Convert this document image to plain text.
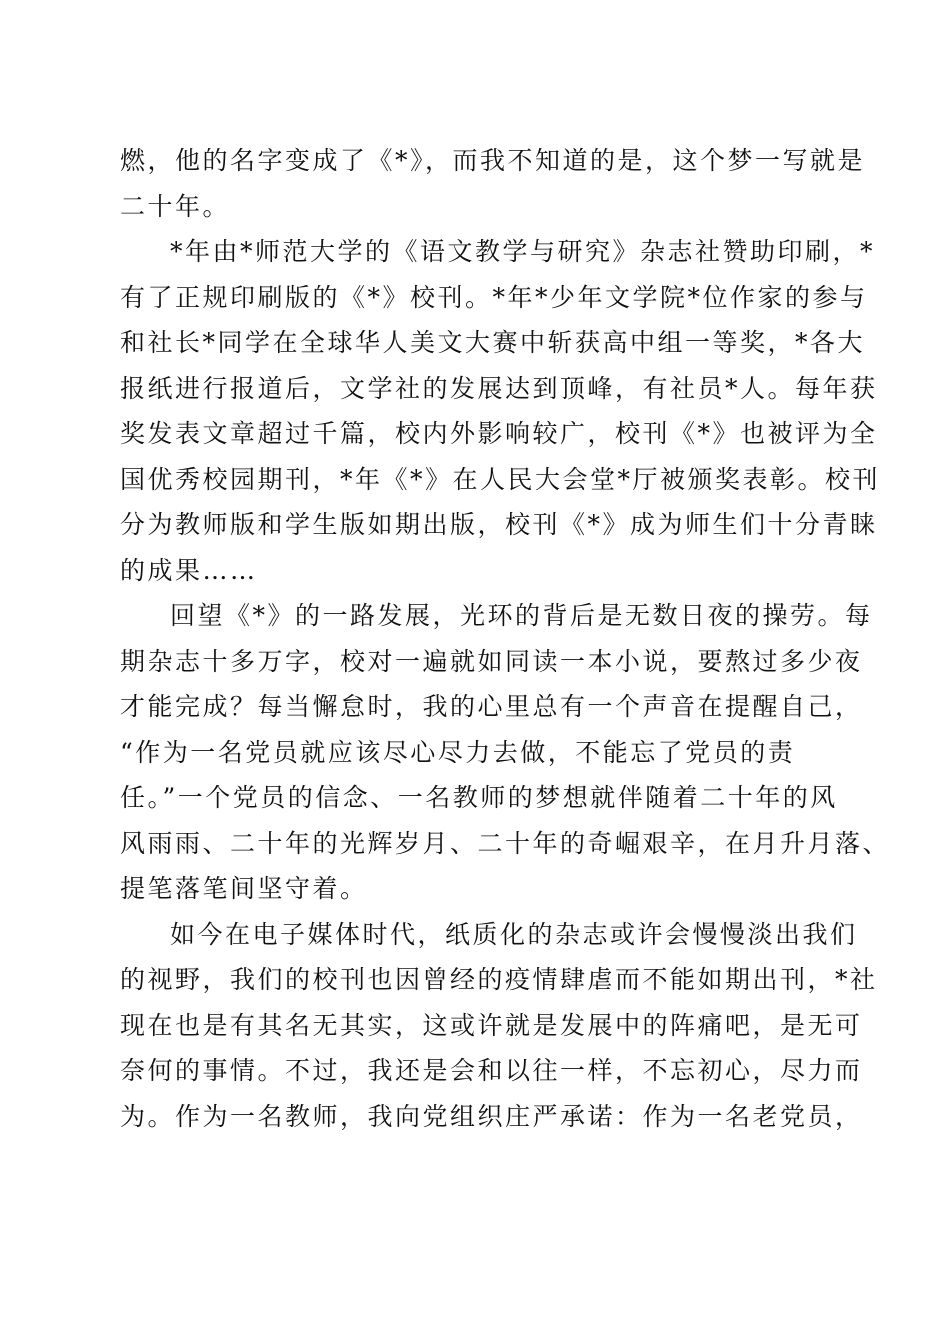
燃，他的名字变成了《*》，而我不知道的是，这个梦一写就是
二十年。
*年由*师范大学的《语文教学与研究》杂志社赞助印刷，*
有了正规印刷版的《*》校刊。*年*少年文学院*位作家的参与
和社长*同学在全球华人美文大赛中斩获高中组一等奖，*各大
报纸进行报道后，文学社的发展达到顶峰，有社员*人。每年获
奖发表文章超过千篇，校内外影响较广，校刊《*》也被评为全
国优秀校园期刊，*年《*》在人民大会堂*厅被颁奖表彰。校刊
分为教师版和学生版如期出版，校刊《*》成为师生们十分青睐
的成果……
回望《*》的一路发展，光环的背后是无数日夜的操劳。每
期杂志十多万字，校对一遍就如同读一本小说，要熬过多少夜
才能完成？每当懈怠时，我的心里总有一个声音在提醒自己，
“作为一名党员就应该尽心尽力去做，不能忘了党员的责
任。”一个党员的信念、一名教师的梦想就伴随着二十年的风
风雨雨、二十年的光辉岁月、二十年的奇崛艰辛，在月升月落、
提笔落笔间坚守着。
如今在电子媒体时代，纸质化的杂志或许会慢慢淡出我们
的视野，我们的校刊也因曾经的疫情肆虐而不能如期出刊，*社
现在也是有其名无其实，这或许就是发展中的阵痛吧，是无可
奈何的事情。不过，我还是会和以往一样，不忘初心，尽力而
为。作为一名教师，我向党组织庄严承诺：作为一名老党员，
